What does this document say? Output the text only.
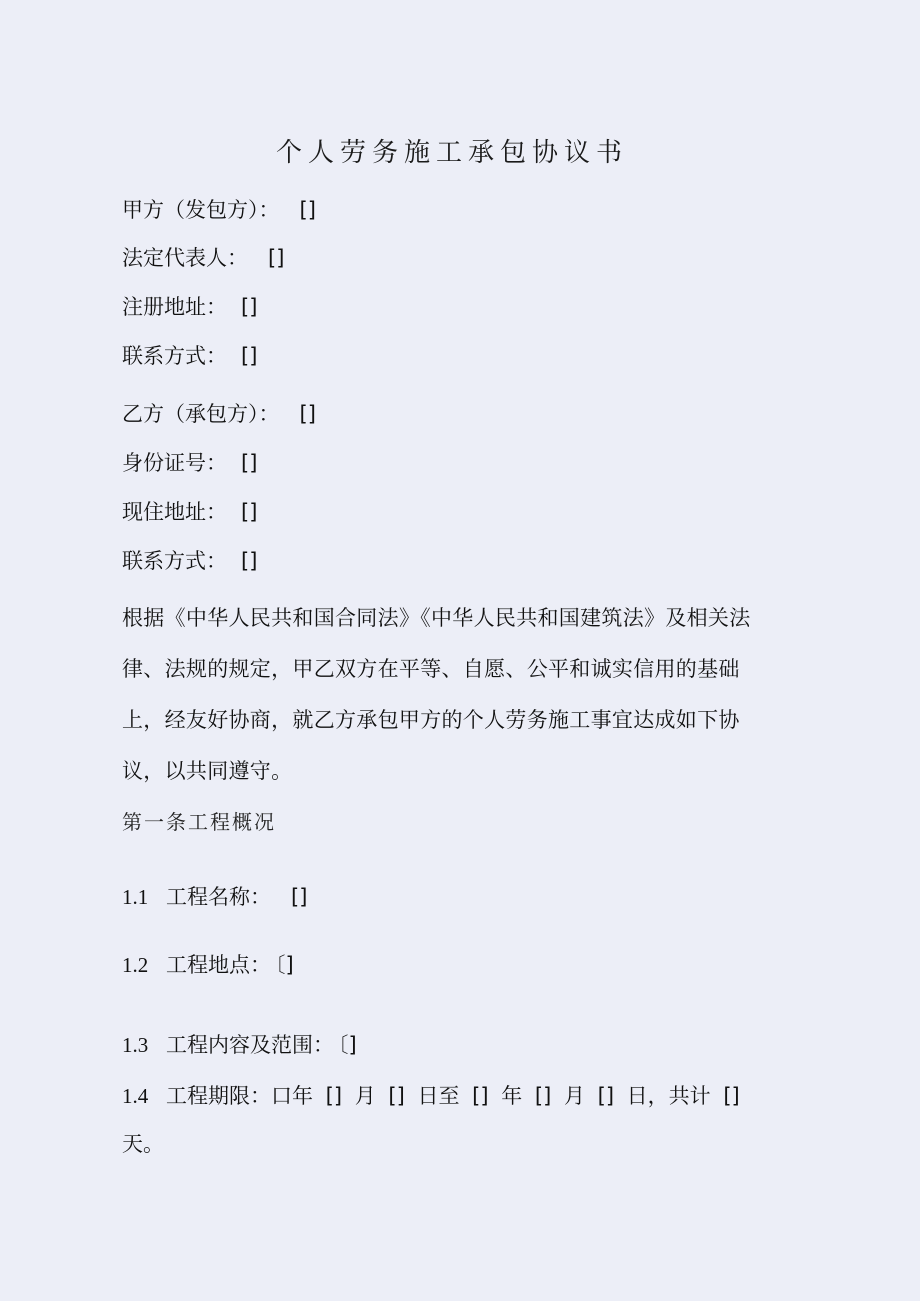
个人劳务施工承包协议书
甲方（发包方）： []
法定代表人： []
注册地址： []
联系方式： []
乙方（承包方）： []
身份证号： []
现住地址： []
联系方式： []
根据《中华人民共和国合同法》《中华人民共和国建筑法》及相关法律、法规的规定，甲乙双方在平等、自愿、公平和诚实信用的基础上，经友好协商，就乙方承包甲方的个人劳务施工事宜达成如下协议，以共同遵守。
第一条工程概况
1.1 工程名称： []
1.2 工程地点： 〔]
1.3 工程内容及范围： 〔]
1.4 工程期限：口年 [] 月 [] 日至 [] 年 [] 月 [] 日，共计 []
天。
